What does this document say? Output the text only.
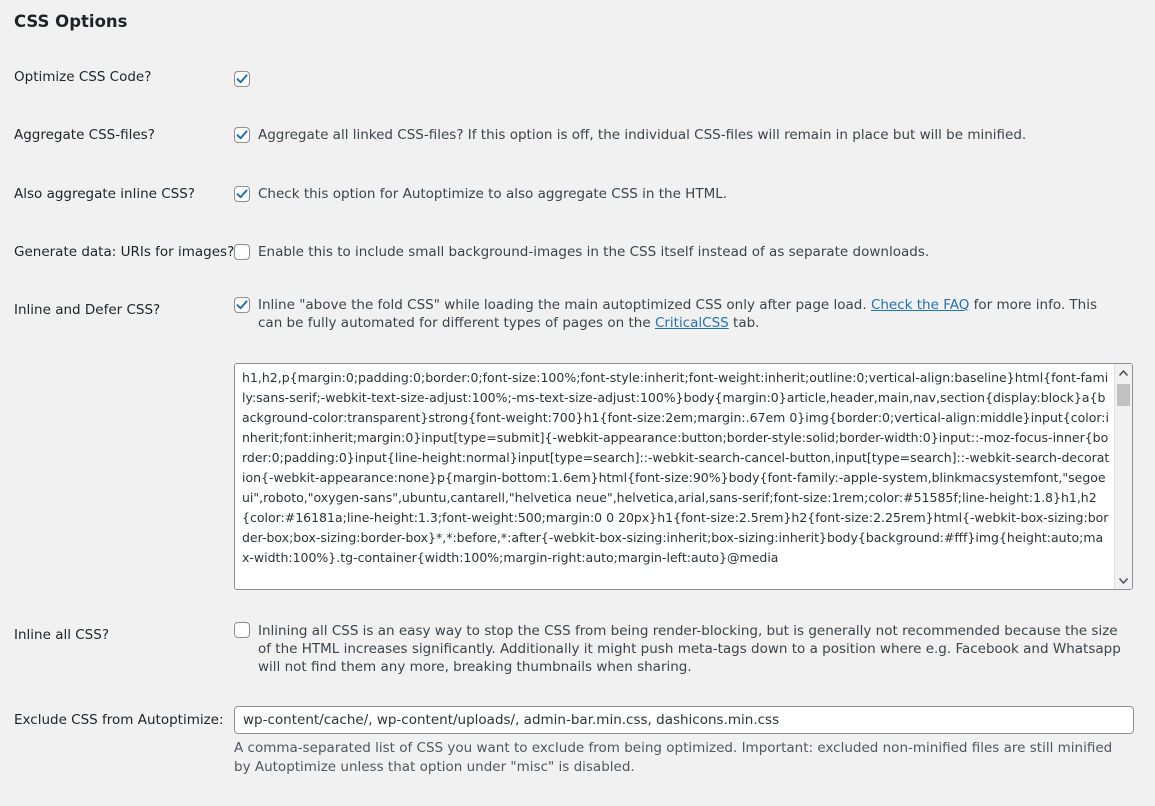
CSS Options
Optimize CSS Code?
Aggregate CSS-files?	Aggregate all linked CSS-files? If this option is off, the individual CSS-files will remain in place but will be minified.
Also aggregate inline CSS?	Check this option for Autoptimize to also aggregate CSS in the HTML.
Generate data: URIs for images? Enable this to include small background-images in the CSS itself instead of as separate downloads.
Inline and Defer CSS?	Inline "above the fold CSS" while loading the main autoptimized CSS only after page load. Check the FAQ for more info. This can be fully automated for different types of pages on the CriticalCSS tab.
h1,h2,p{margin:0;padding:0;border:0;font-size:100%;font-style:inherit;font-weight:inherit;outline:0;vertical-align:baseline}html{font-family:sans-serif;-webkit-text-size-adjust:100%;-ms-text-size-adjust:100%}body{margin:0}article,header,main,nav,section{display:block}a{background-color:transparent}strong{font-weight:700}h1{font-size:2em;margin:.67em 0}img{border:0;vertical-align:middle}input{color:inherit;font:inherit;margin:0}input[type=submit]{-webkit-appearance:button;border-style:solid;border-width:0}input::-moz-focus-inner{border:0;padding:0}input{line-height:normal}input[type=search]::-webkit-search-cancel-button,input[type=search]::-webkit-search-decoration{-webkit-appearance:none}p{margin-bottom:1.6em}html{font-size:90%}body{font-family:-apple-system,blinkmacsystemfont,"segoe ui",roboto,"oxygen-sans",ubuntu,cantarell,"helvetica neue",helvetica,arial,sans-serif;font-size:1rem;color:#51585f;line-height:1.8}h1,h2{color:#16181a;line-height:1.3;font-weight:500;margin:0 0 20px}h1{font-size:2.5rem}h2{font-size:2.25rem}html{-webkit-box-sizing:border-box;box-sizing:border-box}*,*:before,*:after{-webkit-box-sizing:inherit;box-sizing:inherit}body{background:#fff}img{height:auto;max-width:100%}.tg-container{width:100%;margin-right:auto;margin-left:auto}@media
Inline all CSS?	Inlining all CSS is an easy way to stop the CSS from being render-blocking, but is generally not recommended because the size of the HTML increases significantly. Additionally it might push meta-tags down to a position where e.g. Facebook and Whatsapp will not find them any more, breaking thumbnails when sharing.
Exclude CSS from Autoptimize:	wp-content/cache/, wp-content/uploads/, admin-bar.min.css, dashicons.min.css
A comma-separated list of CSS you want to exclude from being optimized. Important: excluded non-minified files are still minified by Autoptimize unless that option under "misc" is disabled.
